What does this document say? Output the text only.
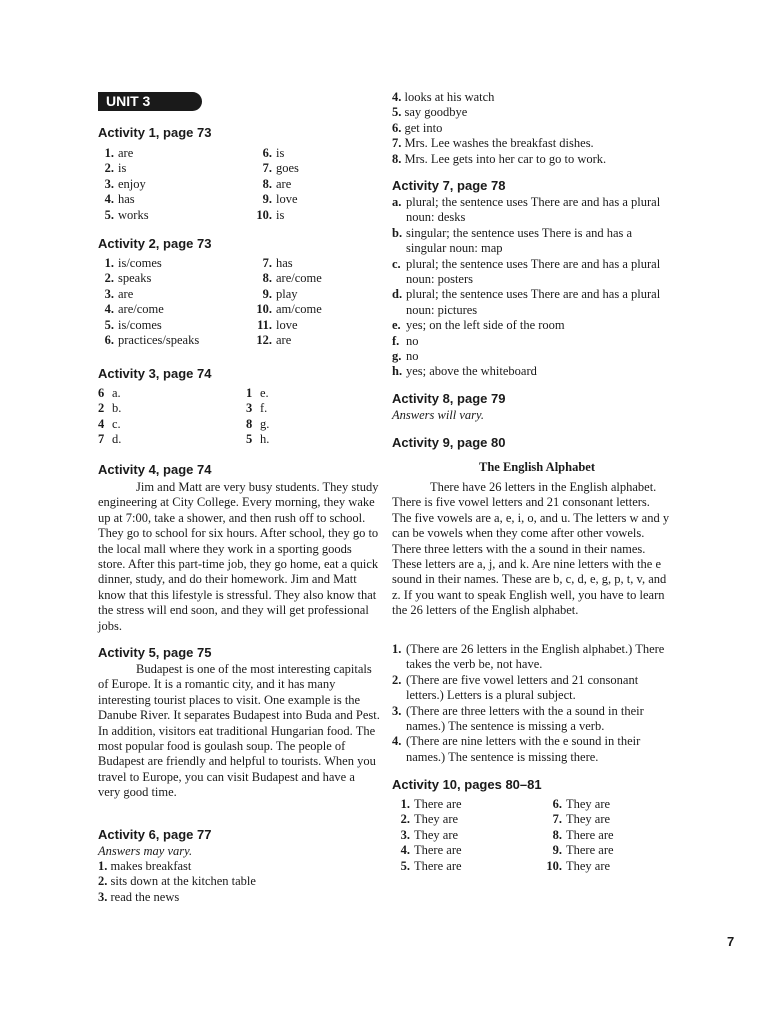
UNIT 3
Activity 1, page 73
1. are
2. is
3. enjoy
4. has
5. works
6. is
7. goes
8. are
9. love
10. is
Activity 2, page 73
1. is/comes
2. speaks
3. are
4. are/come
5. is/comes
6. practices/speaks
7. has
8. are/come
9. play
10. am/come
11. love
12. are
Activity 3, page 74
6 a.
2 b.
4 c.
7 d.
1 e.
3 f.
8 g.
5 h.
Activity 4, page 74
Jim and Matt are very busy students. They study engineering at City College. Every morning, they wake up at 7:00, take a shower, and then rush off to school. They go to school for six hours. After school, they go to the local mall where they work in a sporting goods store. After this part-time job, they go home, eat a quick dinner, study, and do their homework. Jim and Matt know that this lifestyle is stressful. They also know that the stress will end soon, and they will get professional jobs.
Activity 5, page 75
Budapest is one of the most interesting capitals of Europe. It is a romantic city, and it has many interesting tourist places to visit. One example is the Danube River. It separates Budapest into Buda and Pest. In addition, visitors eat traditional Hungarian food. The most popular food is goulash soup. The people of Budapest are friendly and helpful to tourists. When you travel to Europe, you can visit Budapest and have a very good time.
Activity 6, page 77
Answers may vary.
1. makes breakfast
2. sits down at the kitchen table
3. read the news
4. looks at his watch
5. say goodbye
6. get into
7. Mrs. Lee washes the breakfast dishes.
8. Mrs. Lee gets into her car to go to work.
Activity 7, page 78
a. plural; the sentence uses There are and has a plural noun: desks
b. singular; the sentence uses There is and has a singular noun: map
c. plural; the sentence uses There are and has a plural noun: posters
d. plural; the sentence uses There are and has a plural noun: pictures
e. yes; on the left side of the room
f. no
g. no
h. yes; above the whiteboard
Activity 8, page 79
Answers will vary.
Activity 9, page 80
The English Alphabet
There have 26 letters in the English alphabet. There is five vowel letters and 21 consonant letters. The five vowels are a, e, i, o, and u. The letters w and y can be vowels when they come after other vowels. There three letters with the a sound in their names. These letters are a, j, and k. Are nine letters with the e sound in their names. These are b, c, d, e, g, p, t, v, and z. If you want to speak English well, you have to learn the 26 letters of the English alphabet.
1. (There are 26 letters in the English alphabet.) There takes the verb be, not have.
2. (There are five vowel letters and 21 consonant letters.) Letters is a plural subject.
3. (There are three letters with the a sound in their names.) The sentence is missing a verb.
4. (There are nine letters with the e sound in their names.) The sentence is missing there.
Activity 10, pages 80–81
1. There are
2. They are
3. They are
4. There are
5. There are
6. They are
7. They are
8. There are
9. There are
10. They are
7
